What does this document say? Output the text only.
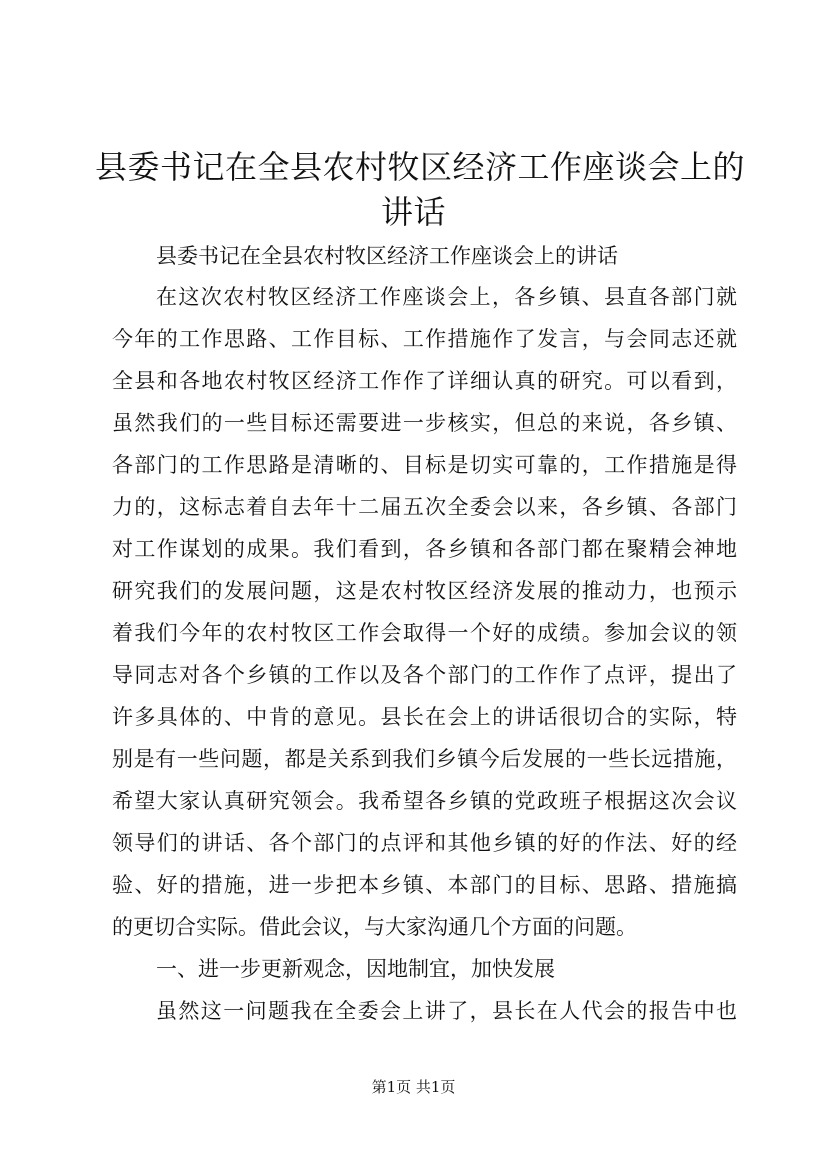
县委书记在全县农村牧区经济工作座谈会上的
讲话
县委书记在全县农村牧区经济工作座谈会上的讲话
在这次农村牧区经济工作座谈会上，各乡镇、县直各部门就
今年的工作思路、工作目标、工作措施作了发言，与会同志还就
全县和各地农村牧区经济工作作了详细认真的研究。可以看到，
虽然我们的一些目标还需要进一步核实，但总的来说，各乡镇、
各部门的工作思路是清晰的、目标是切实可靠的，工作措施是得
力的，这标志着自去年十二届五次全委会以来，各乡镇、各部门
对工作谋划的成果。我们看到，各乡镇和各部门都在聚精会神地
研究我们的发展问题，这是农村牧区经济发展的推动力，也预示
着我们今年的农村牧区工作会取得一个好的成绩。参加会议的领
导同志对各个乡镇的工作以及各个部门的工作作了点评，提出了
许多具体的、中肯的意见。县长在会上的讲话很切合的实际，特
别是有一些问题，都是关系到我们乡镇今后发展的一些长远措施，
希望大家认真研究领会。我希望各乡镇的党政班子根据这次会议
领导们的讲话、各个部门的点评和其他乡镇的好的作法、好的经
验、好的措施，进一步把本乡镇、本部门的目标、思路、措施搞
的更切合实际。借此会议，与大家沟通几个方面的问题。
一、进一步更新观念，因地制宜，加快发展
虽然这一问题我在全委会上讲了，县长在人代会的报告中也
第1页 共1页
